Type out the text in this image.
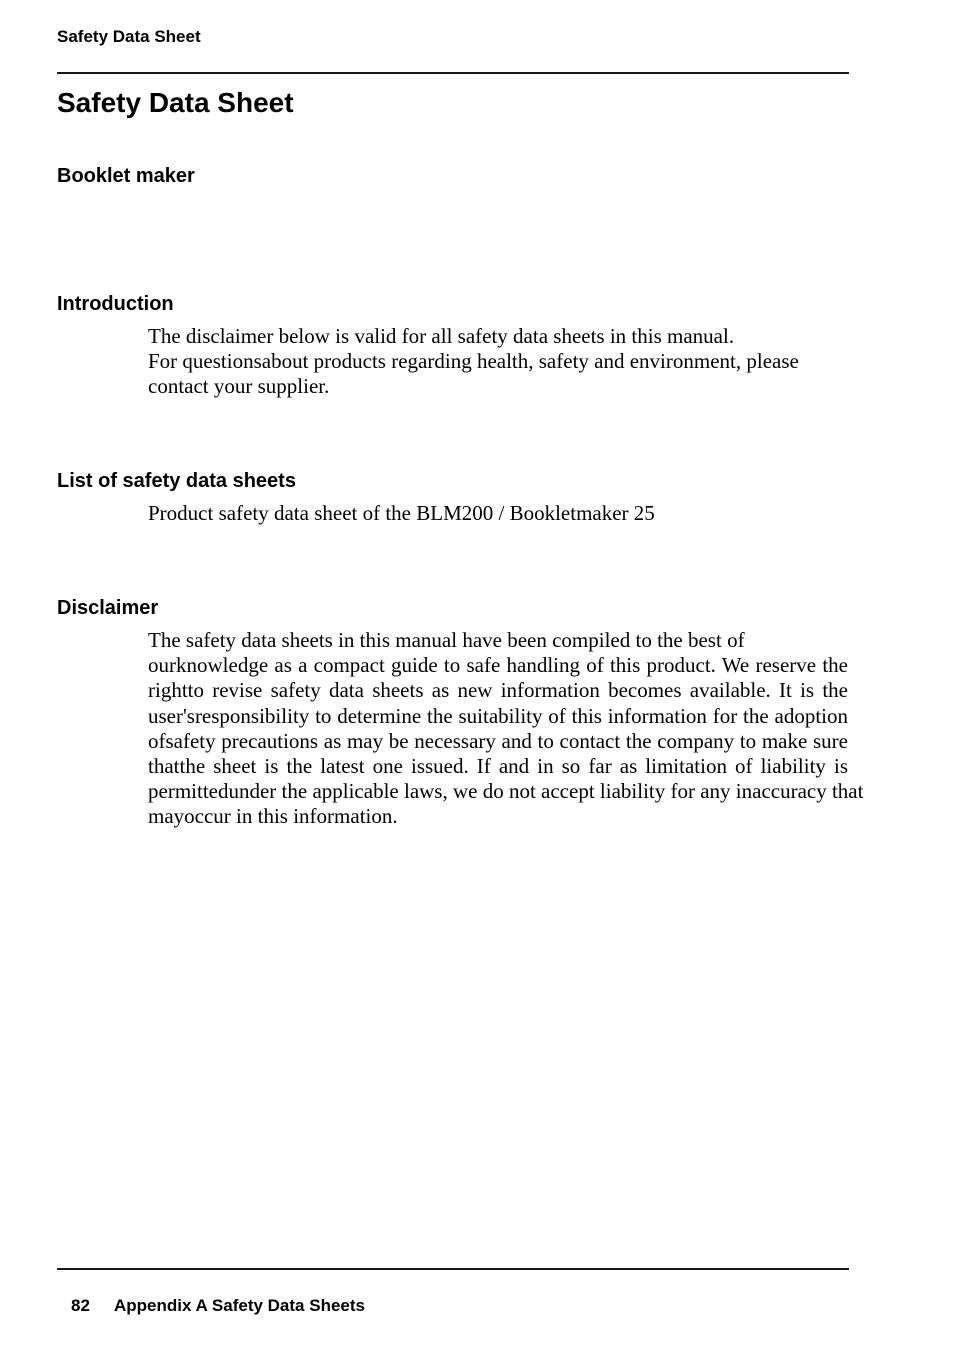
Safety Data Sheet
Safety Data Sheet
Booklet maker
Introduction

The disclaimer below is valid for all safety data sheets in this manual.
For questionsabout products regarding health, safety and environment, please
contact your supplier.

List of safety data sheets

Product safety data sheet of the BLM200 / Bookletmaker 25

Disclaimer

The safety data sheets in this manual have been compiled to the best of
ourknowledge as a compact guide to safe handling of this product. We reserve the
rightto revise safety data sheets as new information becomes available. It is the
user'sresponsibility to determine the suitability of this information for the adoption
ofsafety precautions as may be necessary and to contact the company to make sure
thatthe sheet is the latest one issued. If and in so far as limitation of liability is
permittedunder the applicable laws, we do not accept liability for any inaccuracy that
mayoccur in this information.

82 Appendix A Safety Data Sheets
